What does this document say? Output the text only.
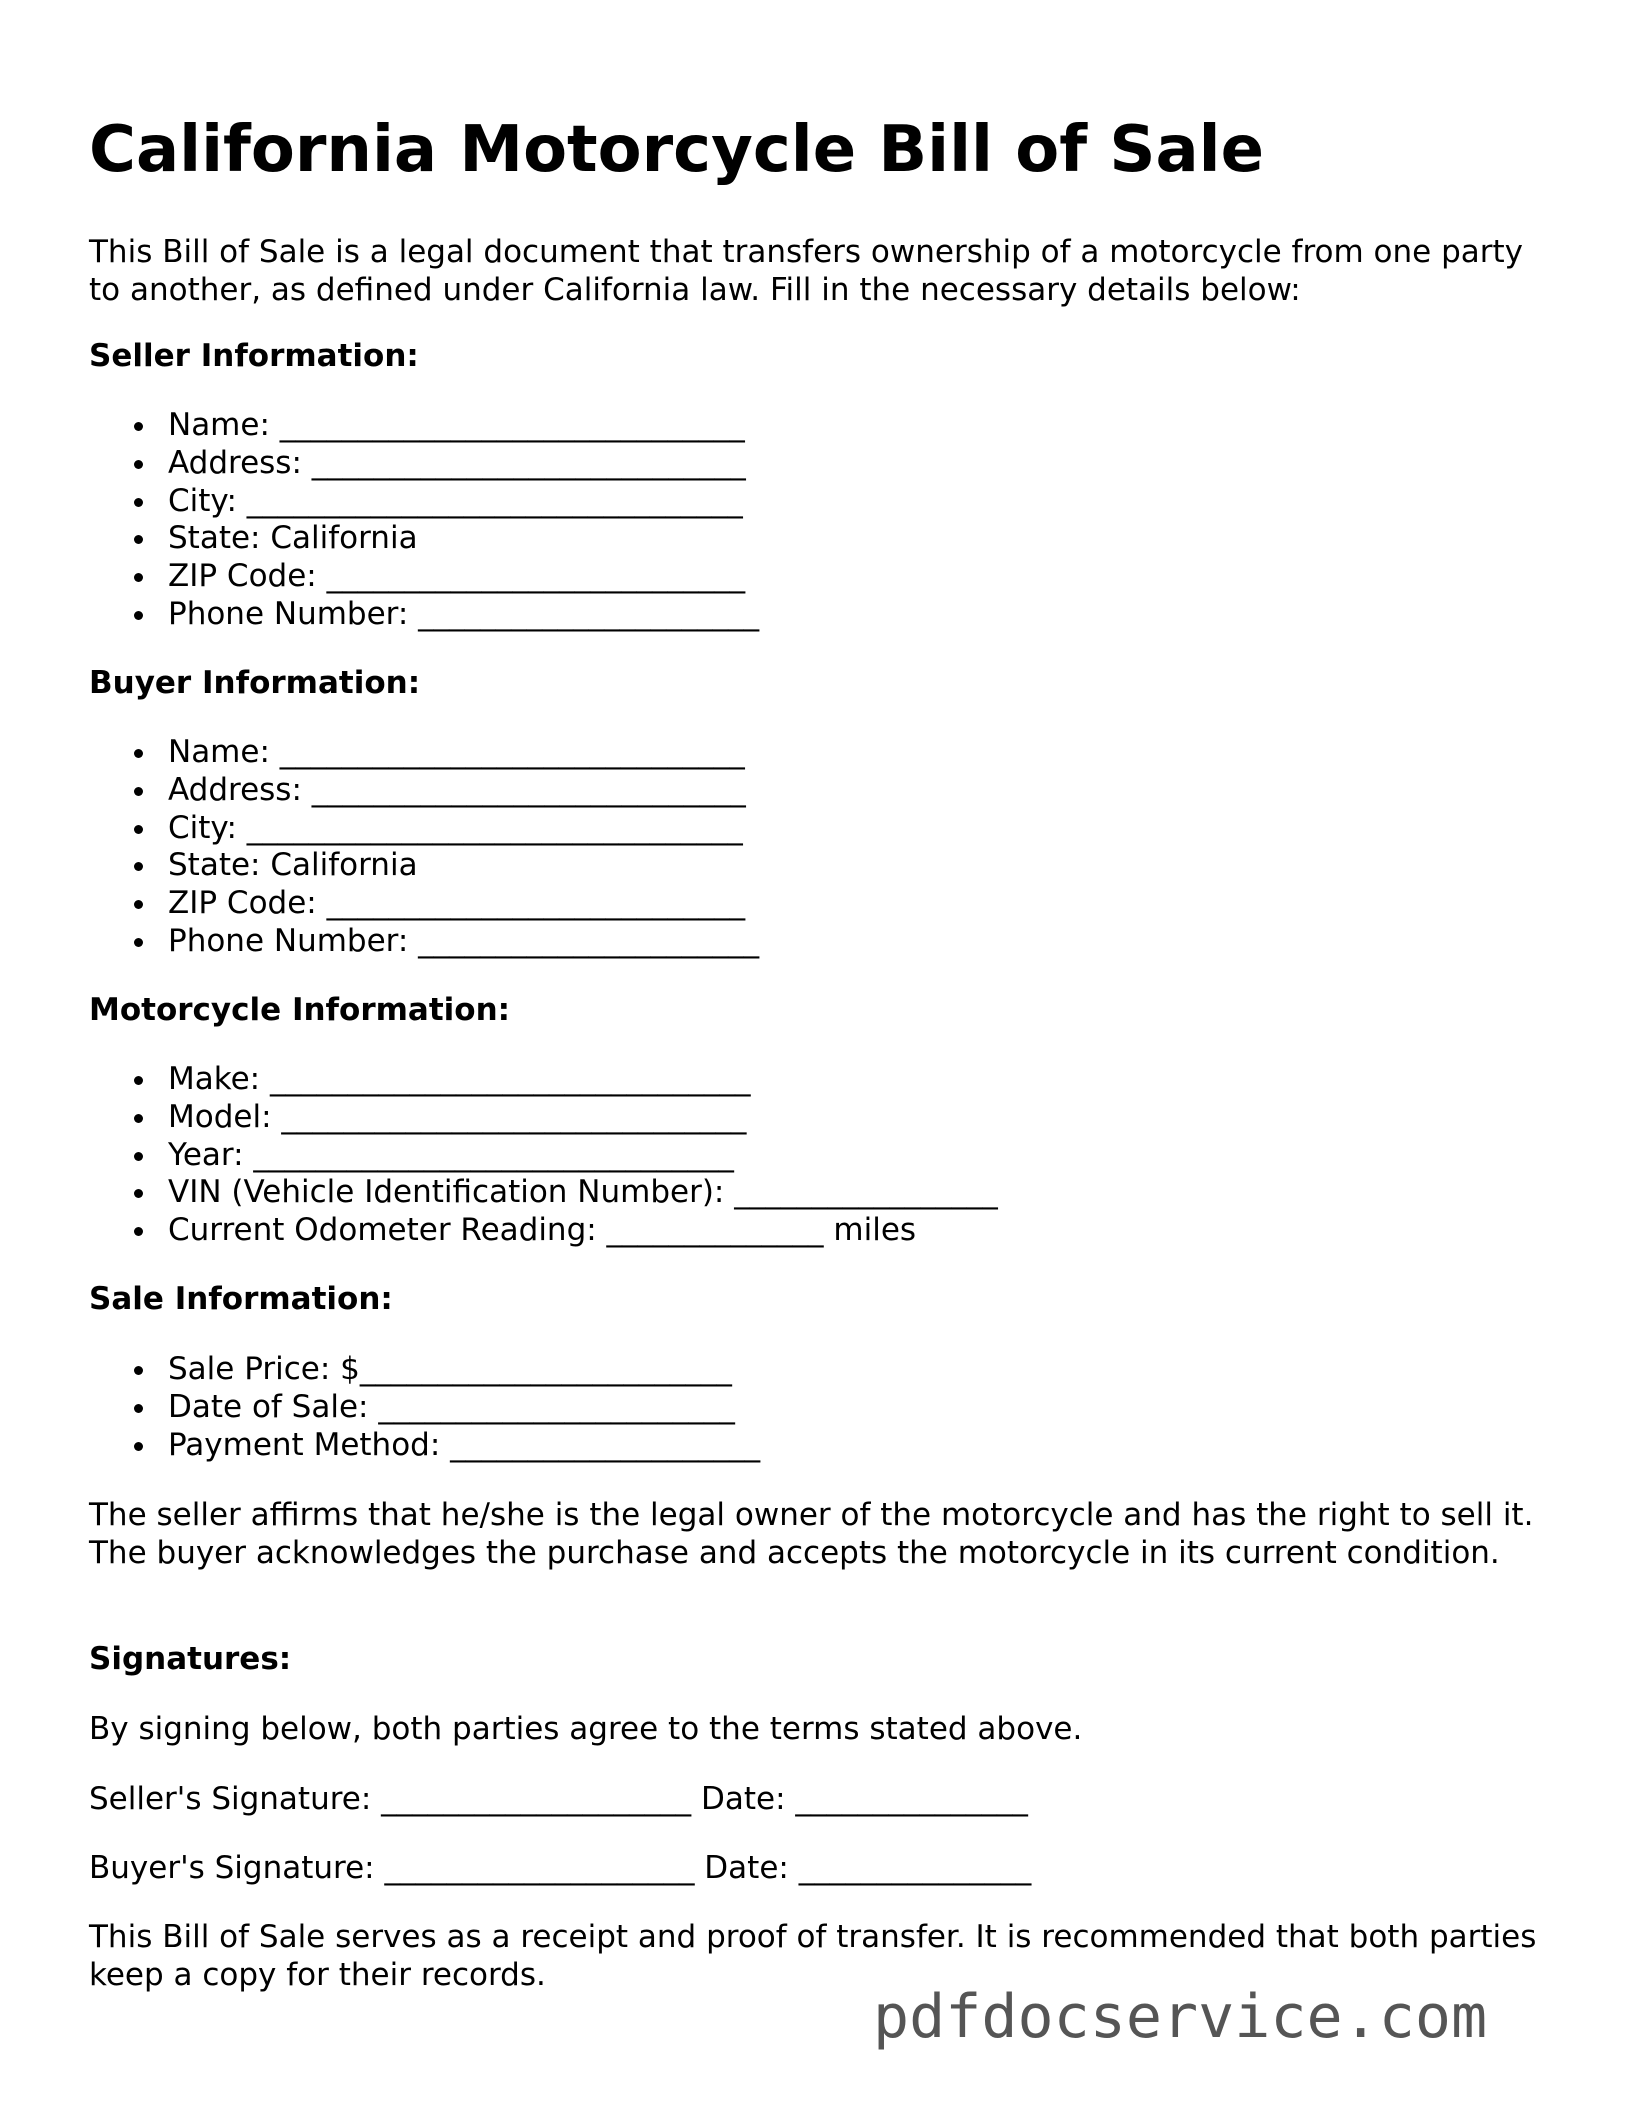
California Motorcycle Bill of Sale

This Bill of Sale is a legal document that transfers ownership of a motorcycle from one party to another, as defined under California law. Fill in the necessary details below:

Seller Information:
Name: ______________________________
Address: ____________________________
City: ________________________________
State: California
ZIP Code: ___________________________
Phone Number: ______________________
Buyer Information:
Name: ______________________________
Address: ____________________________
City: ________________________________
State: California
ZIP Code: ___________________________
Phone Number: ______________________
Motorcycle Information:
Make: _______________________________
Model: ______________________________
Year: _______________________________
VIN (Vehicle Identification Number): _________________
Current Odometer Reading: ______________ miles
Sale Information:
Sale Price: $________________________
Date of Sale: _______________________
Payment Method: ____________________

The seller affirms that he/she is the legal owner of the motorcycle and has the right to sell it. The buyer acknowledges the purchase and accepts the motorcycle in its current condition.

Signatures:

By signing below, both parties agree to the terms stated above.

Seller's Signature: ____________________ Date: _______________

Buyer's Signature: ____________________ Date: _______________

This Bill of Sale serves as a receipt and proof of transfer. It is recommended that both parties keep a copy for their records.

pdfdocservice.com
